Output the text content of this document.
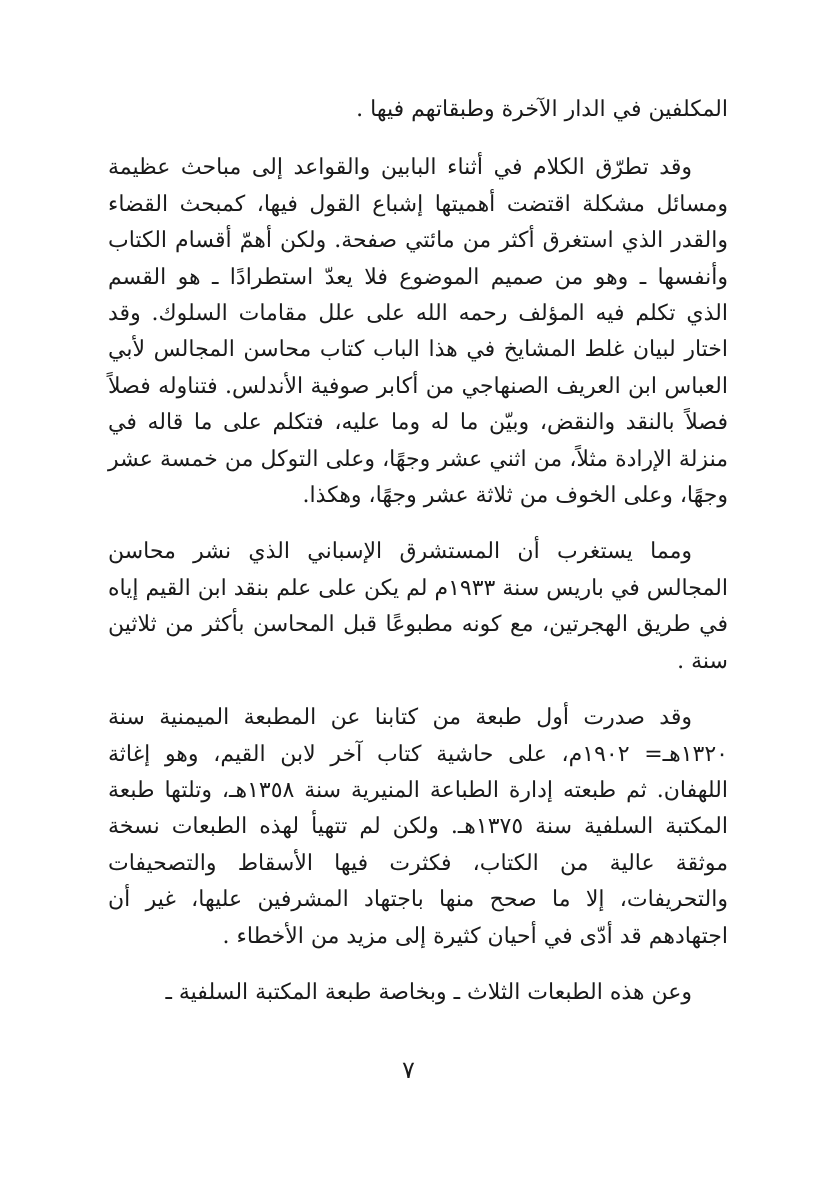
المكلفين في الدار الآخرة وطبقاتهم فيها .

وقد تطرّق الكلام في أثناء البابين والقواعد إلى مباحث عظيمة ومسائل مشكلة اقتضت أهميتها إشباع القول فيها، كمبحث القضاء والقدر الذي استغرق أكثر من مائتي صفحة. ولكن أهمّ أقسام الكتاب وأنفسها ـ وهو من صميم الموضوع فلا يعدّ استطرادًا ـ هو القسم الذي تكلم فيه المؤلف رحمه الله على علل مقامات السلوك. وقد اختار لبيان غلط المشايخ في هذا الباب كتاب محاسن المجالس لأبي العباس ابن العريف الصنهاجي من أكابر صوفية الأندلس. فتناوله فصلاً فصلاً بالنقد والنقض، وبيّن ما له وما عليه، فتكلم على ما قاله في منزلة الإرادة مثلاً، من اثني عشر وجهًا، وعلى التوكل من خمسة عشر وجهًا، وعلى الخوف من ثلاثة عشر وجهًا، وهكذا.

ومما يستغرب أن المستشرق الإسباني الذي نشر محاسن المجالس في باريس سنة ١٩٣٣م لم يكن على علم بنقد ابن القيم إياه في طريق الهجرتين، مع كونه مطبوعًا قبل المحاسن بأكثر من ثلاثين سنة .

وقد صدرت أول طبعة من كتابنا عن المطبعة الميمنية سنة ١٣٢٠هـ= ١٩٠٢م، على حاشية كتاب آخر لابن القيم، وهو إغاثة اللهفان. ثم طبعته إدارة الطباعة المنيرية سنة ١٣٥٨هـ، وتلتها طبعة المكتبة السلفية سنة ١٣٧٥هـ. ولكن لم تتهيأ لهذه الطبعات نسخة موثقة عالية من الكتاب، فكثرت فيها الأسقاط والتصحيفات والتحريفات، إلا ما صحح منها باجتهاد المشرفين عليها، غير أن اجتهادهم قد أدّى في أحيان كثيرة إلى مزيد من الأخطاء .

وعن هذه الطبعات الثلاث ـ وبخاصة طبعة المكتبة السلفية ـ

٧
